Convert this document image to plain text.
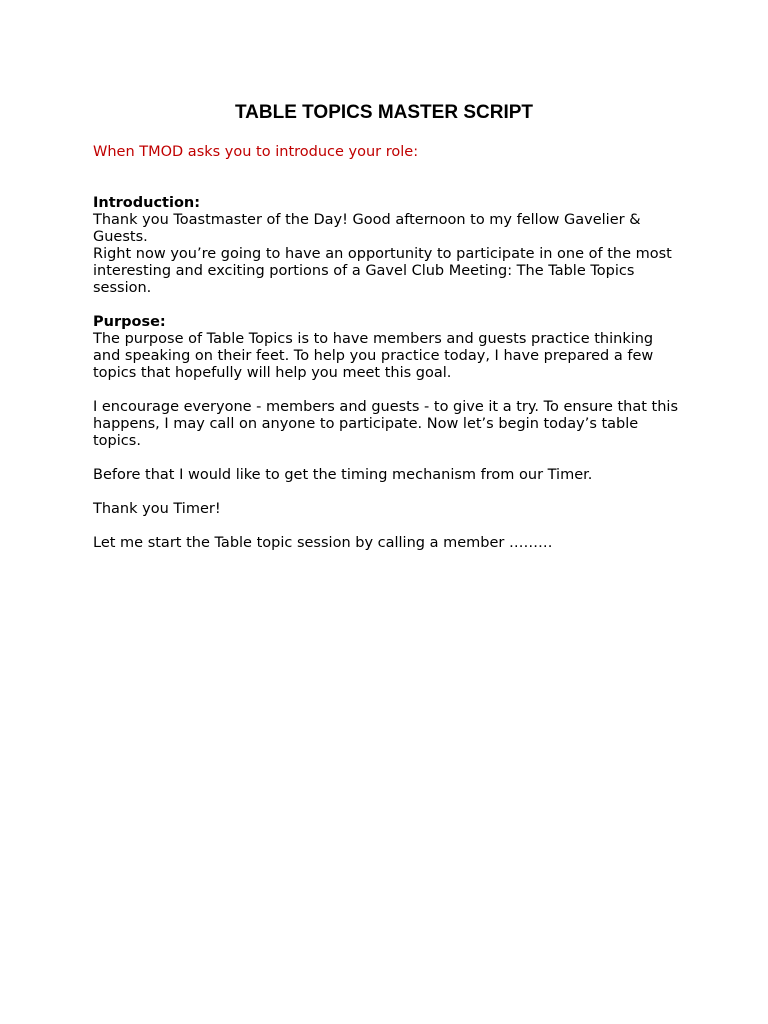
TABLE TOPICS MASTER SCRIPT

When TMOD asks you to introduce your role:

Introduction:

Thank you Toastmaster of the Day! Good afternoon to my fellow Gavelier & Guests.

Right now you’re going to have an opportunity to participate in one of the most interesting and exciting portions of a Gavel Club Meeting: The Table Topics session.

Purpose:

The purpose of Table Topics is to have members and guests practice thinking and speaking on their feet. To help you practice today, I have prepared a few topics that hopefully will help you meet this goal.

I encourage everyone - members and guests - to give it a try. To ensure that this happens, I may call on anyone to participate. Now let’s begin today’s table topics.

Before that I would like to get the timing mechanism from our Timer.

Thank you Timer!

Let me start the Table topic session by calling a member ………
